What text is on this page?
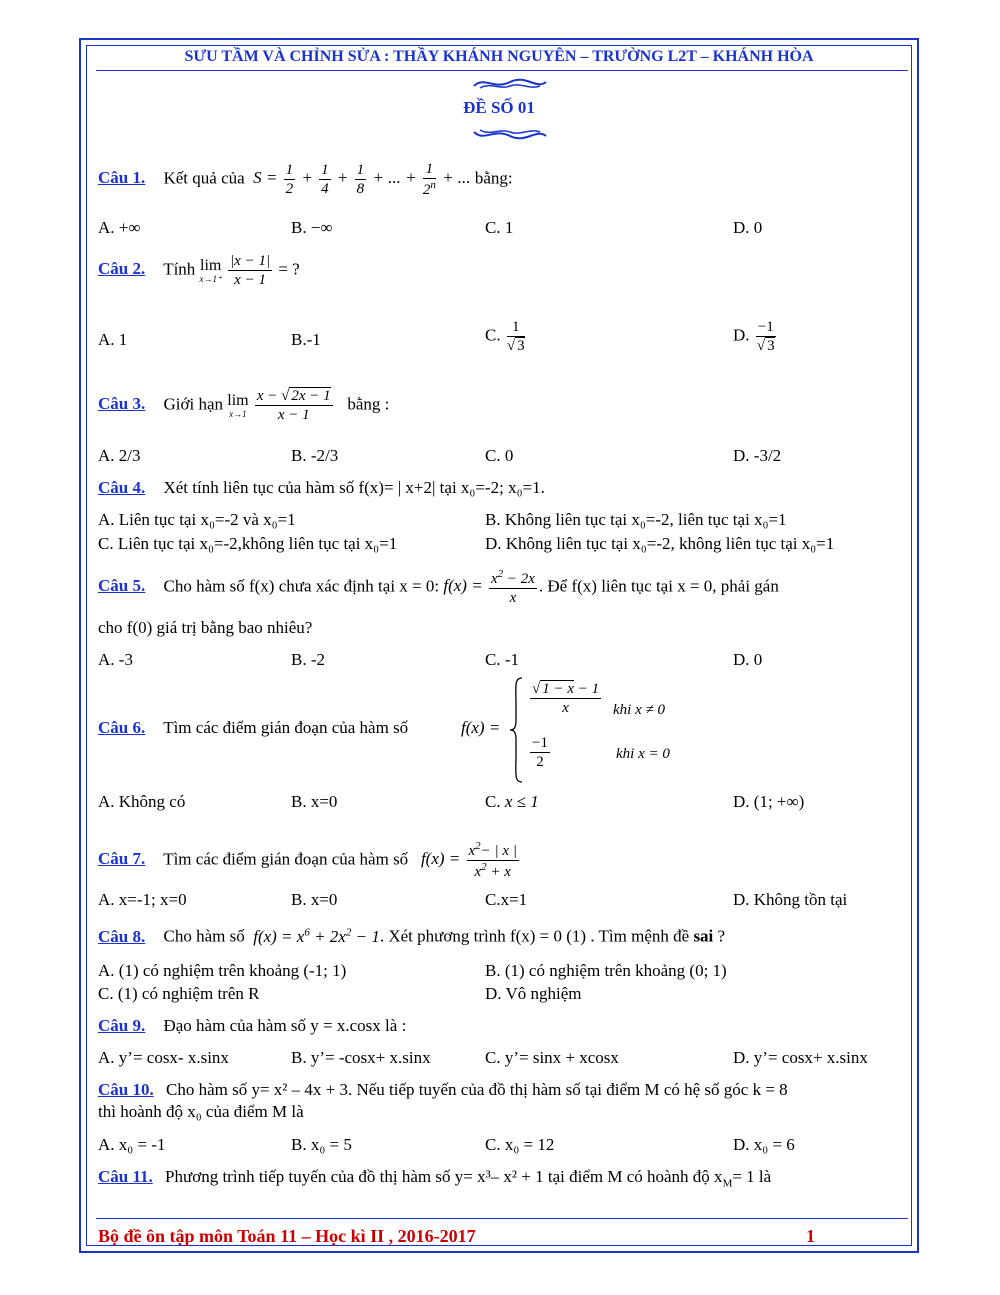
SƯU TẦM VÀ CHỈNH SỬA : THẦY KHÁNH NGUYÊN – TRƯỜNG L2T – KHÁNH HÒA
ĐỀ SỐ 01
Câu 1. Kết quả của  $S = \frac{1}{2} + \frac{1}{4} + \frac{1}{8}$ + ... + $\frac{1}{2^n}$ + ... bằng:
A. +∞	B. −∞	C. 1	D. 0
Câu 2. Tính lim
x→1⁺
$\frac{|x - 1|}{x - 1}$ = ?
A. 1	B.-1	C. $\frac{1}{√ 3}$	D. $\frac{-1}{√ 3}$
Câu 3. Giới hạn lim
x→1
$\frac{x - √ 2x - 1}{x - 1}$ bằng :
A. 2/3	B. -2/3	C. 0	D. -3/2
Câu 4. Xét tính liên tục của hàm số f(x)= | x+2| tại x₀=-2; x₀=1.
A. Liên tục tại x₀=-2 và x₀=1	B. Không liên tục tại x₀=-2, liên tục tại x₀=1
C. Liên tục tại x₀=-2,không liên tục tại x₀=1	D. Không liên tục tại x₀=-2, không liên tục tại x₀=1
Câu 5. Cho hàm số f(x) chưa xác định tại x = 0: $f(x) = \frac{x^2 - 2x}{x}$ . Để f(x) liên tục tại x = 0, phải gán
cho f(0) giá trị bằng bao nhiêu?
A. -3	B. -2	C. -1	D. 0
Câu 6. Tìm các điểm gián đoạn của hàm số	f(x) =
$\frac{√ 1 - x - 1}{x}$ khi x ≠ 0
$\frac{-1}{2}$	khi x = 0
A. Không có	B. x=0	C. x ≤ 1	D. (1; +∞)
Câu 7. Tìm các điểm gián đoạn của hàm số   $f(x) = \frac{x^2- | x |}{x^2 + x}$
A. x=-1; x=0	B. x=0	C.x=1	D. Không tồn tại
Câu 8. Cho hàm số  $f(x) = x^6 + 2x^2 - 1$. Xét phương trình f(x) = 0 (1) . Tìm mệnh đề sai ?
A. (1) có nghiệm trên khoảng (-1; 1)	B. (1) có nghiệm trên khoảng (0; 1)
C. (1) có nghiệm trên R	D. Vô nghiệm
Câu 9. Đạo hàm của hàm số y = x.cosx là :
A. y’= cosx- x.sinx	B. y’= -cosx+ x.sinx	C. y’= sinx + xcosx	D. y’= cosx+ x.sinx
Câu 10. Cho hàm số y= x² – 4x + 3. Nếu tiếp tuyến của đồ thị hàm số tại điểm M có hệ số góc k = 8
thì hoành độ x₀ của điểm M là
A. x₀ = -1	B. x₀ = 5	C. x₀ = 12	D. x₀ = 6
Câu 11. Phương trình tiếp tuyến của đồ thị hàm số y= x³– x² + 1 tại điểm M có hoành độ $x_M= 1$ là
Bộ đề ôn tập môn Toán 11 – Học kì II , 2016-2017	1
